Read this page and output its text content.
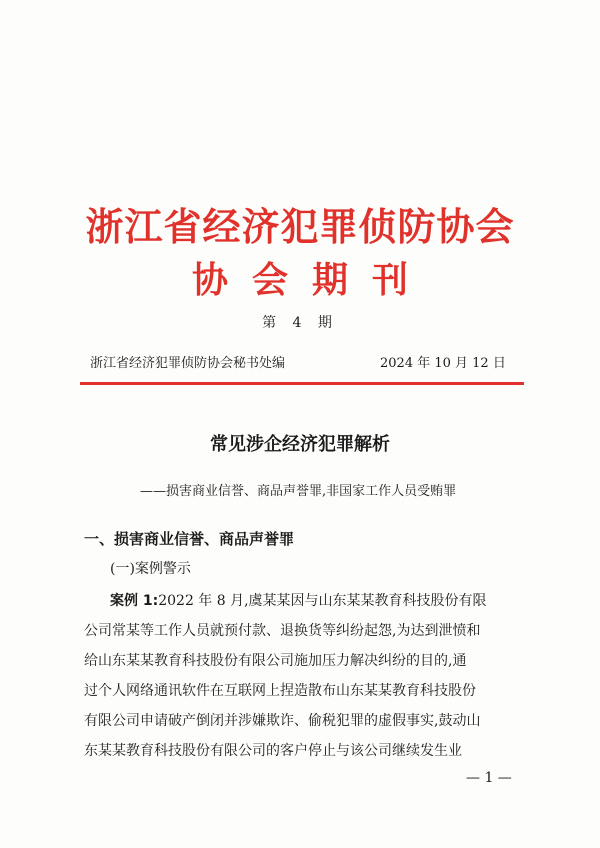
浙江省经济犯罪侦防协会
协会期刊
第 4 期
浙江省经济犯罪侦防协会秘书处编	2024 年 10 月 12 日
常见涉企经济犯罪解析
——损害商业信誉、商品声誉罪,非国家工作人员受贿罪
一、损害商业信誉、商品声誉罪
(一)案例警示
案例 1:2022 年 8 月,虞某某因与山东某某教育科技股份有限
公司常某等工作人员就预付款、退换货等纠纷起怨,为达到泄愤和
给山东某某教育科技股份有限公司施加压力解决纠纷的目的,通
过个人网络通讯软件在互联网上捏造散布山东某某教育科技股份
有限公司申请破产倒闭并涉嫌欺诈、偷税犯罪的虚假事实,鼓动山
东某某教育科技股份有限公司的客户停止与该公司继续发生业
— 1 —
